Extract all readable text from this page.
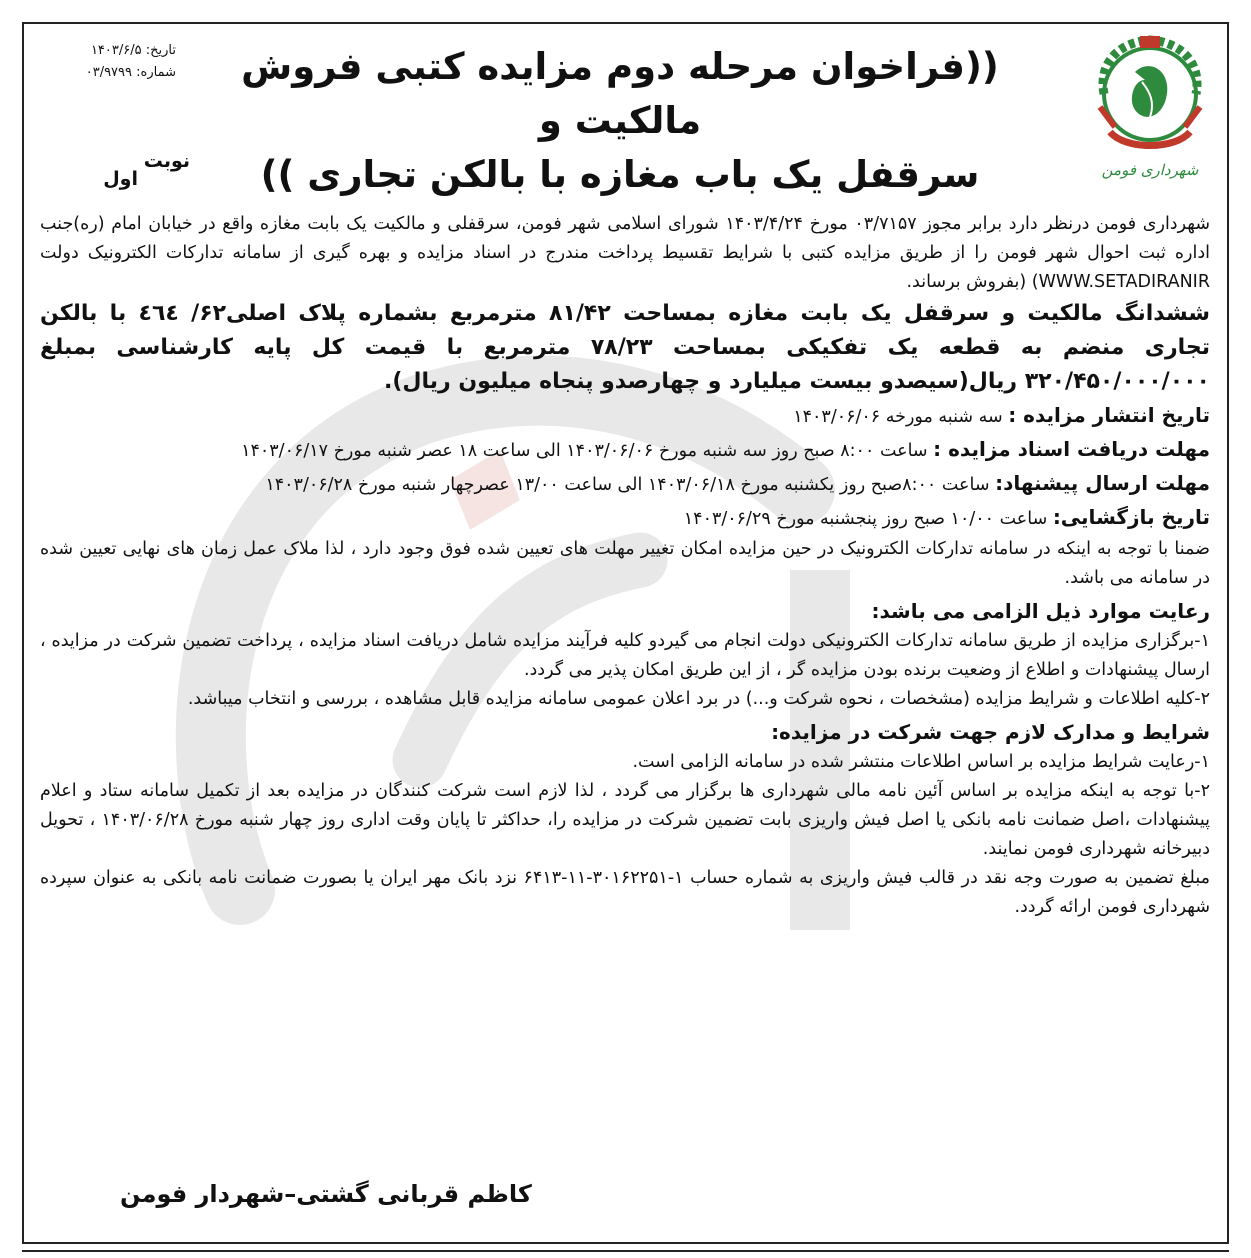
شهرداری فومن
تاریخ: ۱۴۰۳/۶/۵
شماره: ۰۳/۹۷۹۹	((فراخوان مرحله دوم مزایده کتبی فروش مالکیت و
سرقفل یک باب مغازه با بالکن تجاری ))
نوبت
اول

شهرداری فومن درنظر دارد برابر مجوز ۰۳/۷۱۵۷ مورخ ۱۴۰۳/۴/۲۴ شورای اسلامی شهر فومن، سرقفلی و مالکیت یک بابت مغازه واقع در خیابان امام (ره)جنب اداره ثبت احوال شهر فومن را از طریق مزایده کتبی با شرایط تقسیط پرداخت مندرج در اسناد مزایده و بهره گیری از سامانه تدارکات الکترونیک دولت WWW.SETADIRANIR) (بفروش برساند.

ششدانگ مالکیت و سرقفل یک بابت مغازه بمساحت ۸۱/۴۲ مترمربع بشماره پلاک اصلی۶۲/ ٤٦٤ با بالکن تجاری منضم به قطعه یک تفکیکی بمساحت ۷۸/۲۳ مترمربع با قیمت کل پایه کارشناسی بمبلغ ۳۲۰/۴۵۰/۰۰۰/۰۰۰ ریال(سیصدو بیست میلیارد و چهارصدو پنجاه میلیون ریال).

تاریخ انتشار مزایده : سه شنبه مورخه ۱۴۰۳/۰۶/۰۶

مهلت دریافت اسناد مزایده : ساعت ۸:۰۰ صبح روز سه شنبه مورخ ۱۴۰۳/۰۶/۰۶ الی ساعت ۱۸ عصر شنبه مورخ ۱۴۰۳/۰۶/۱۷

مهلت ارسال پیشنهاد: ساعت ۸:۰۰صبح روز یکشنبه مورخ ۱۴۰۳/۰۶/۱۸ الی ساعت ۱۳/۰۰ عصرچهار شنبه مورخ ۱۴۰۳/۰۶/۲۸

تاریخ بازگشایی: ساعت ۱۰/۰۰ صبح روز پنجشنبه مورخ ۱۴۰۳/۰۶/۲۹

ضمنا با توجه به اینکه در سامانه تدارکات الکترونیک در حین مزایده امکان تغییر مهلت های تعیین شده فوق وجود دارد ، لذا ملاک عمل زمان های نهایی تعیین شده در سامانه می باشد.

رعایت موارد ذیل الزامی می باشد:

۱-برگزاری مزایده از طریق سامانه تدارکات الکترونیکی دولت انجام می گیردو کلیه فرآیند مزایده شامل دریافت اسناد مزایده ، پرداخت تضمین شرکت در مزایده ، ارسال پیشنهادات و اطلاع از وضعیت برنده بودن مزایده گر ، از این طریق امکان پذیر می گردد.

۲-کلیه اطلاعات و شرایط مزایده (مشخصات ، نحوه شرکت و...) در برد اعلان عمومی سامانه مزایده قابل مشاهده ، بررسی و انتخاب میباشد.

شرایط و مدارک لازم جهت شرکت در مزایده:

۱-رعایت شرایط مزایده بر اساس اطلاعات منتشر شده در سامانه الزامی است.

۲-با توجه به اینکه مزایده بر اساس آئین نامه مالی شهرداری ها برگزار می گردد ، لذا لازم است شرکت کنندگان در مزایده بعد از تکمیل سامانه ستاد و اعلام پیشنهادات ،اصل ضمانت نامه بانکی یا اصل فیش واریزی بابت تضمین شرکت در مزایده را، حداکثر تا پایان وقت اداری روز چهار شنبه مورخ ۱۴۰۳/۰۶/۲۸ ، تحویل دبیرخانه شهرداری فومن نمایند.

مبلغ تضمین به صورت وجه نقد در قالب فیش واریزی به شماره حساب ۱-۳۰۱۶۲۲۵۱-۱۱-۶۴۱۳ نزد بانک مهر ایران یا بصورت ضمانت نامه بانکی به عنوان سپرده شهرداری فومن ارائه گردد.

کاظم قربانی گشتی–شهردار فومن
